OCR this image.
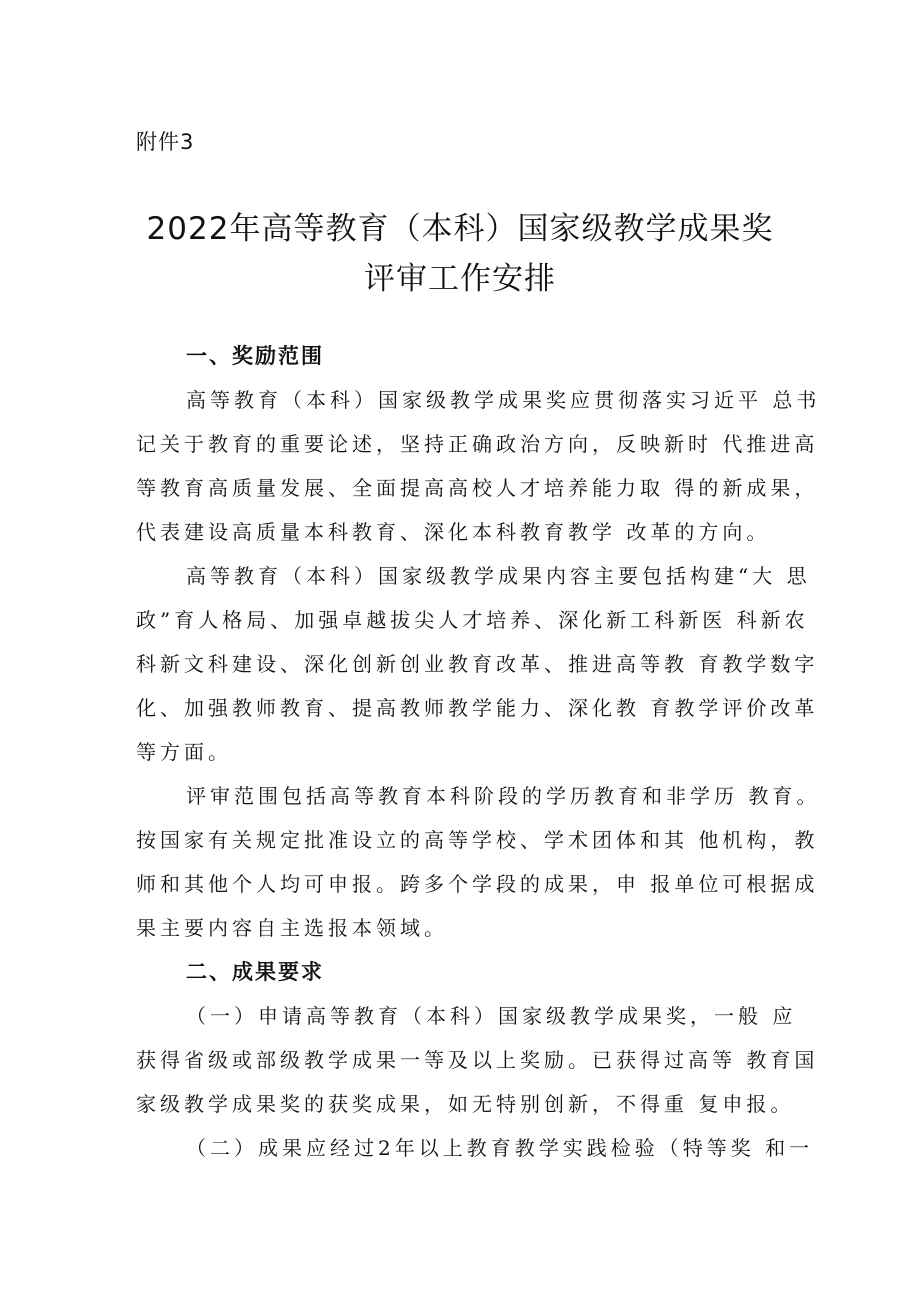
附件3
2022年高等教育（本科）国家级教学成果奖
评审工作安排
一、奖励范围
高等教育（本科）国家级教学成果奖应贯彻落实习近平 总书
记关于教育的重要论述，坚持正确政治方向，反映新时 代推进高
等教育高质量发展、全面提高高校人才培养能力取 得的新成果，
代表建设高质量本科教育、深化本科教育教学 改革的方向。
高等教育（本科）国家级教学成果内容主要包括构建“大 思
政”育人格局、加强卓越拔尖人才培养、深化新工科新医 科新农
科新文科建设、深化创新创业教育改革、推进高等教 育教学数字
化、加强教师教育、提高教师教学能力、深化教 育教学评价改革
等方面。
评审范围包括高等教育本科阶段的学历教育和非学历 教育。
按国家有关规定批准设立的高等学校、学术团体和其 他机构，教
师和其他个人均可申报。跨多个学段的成果，申 报单位可根据成
果主要内容自主选报本领域。
二、成果要求
（一）申请高等教育（本科）国家级教学成果奖，一般 应
获得省级或部级教学成果一等及以上奖励。已获得过高等 教育国
家级教学成果奖的获奖成果，如无特别创新，不得重 复申报。
（二）成果应经过2年以上教育教学实践检验（特等奖 和一
